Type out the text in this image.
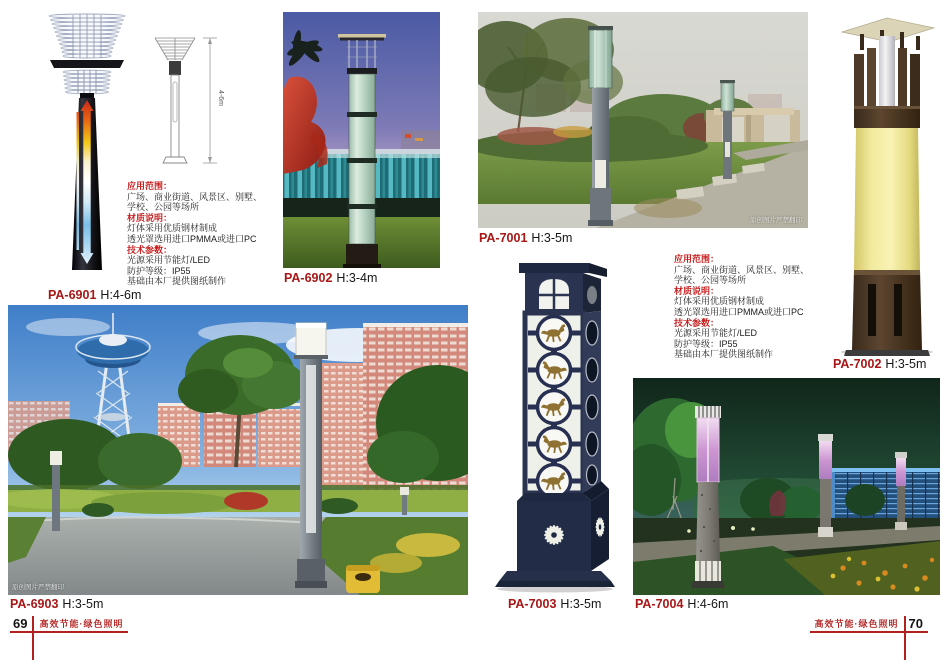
4-6m
PA-6901 H:4-6m
应用范围：
广场、商业街道、风景区、别墅、
学校、公园等场所
材质说明：
灯体采用优质钢材制成
透光罩选用进口PMMA或进口PC
技术参数：
光源采用节能灯/LED
防护等级：IP55
基础由本厂提供图纸制作	PA-6902 H:3-4m
原创图片严禁翻印
PA-7001 H:3-5m
PA-7002 H:3-5m
应用范围：
广场、商业街道、风景区、别墅、
学校、公园等场所
材质说明：
灯体采用优质钢材制成
透光罩选用进口PMMA或进口PC
技术参数：
光源采用节能灯/LED
防护等级：IP55
基础由本厂提供图纸制作
原创图片严禁翻印
PA-6903 H:3-5m	PA-7003 H:3-5m	PA-7004 H:4-6m
69	高效节能·绿色照明	高效节能·绿色照明 70
